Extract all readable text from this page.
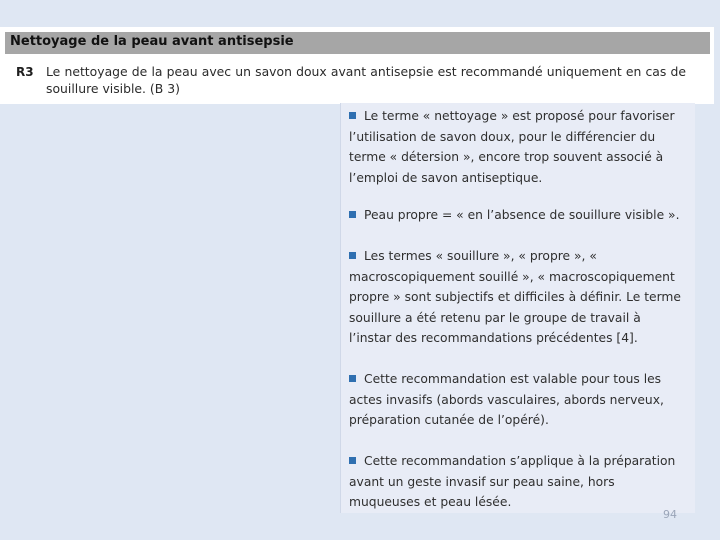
Nettoyage de la peau avant antisepsie
R3 Le nettoyage de la peau avec un savon doux avant antisepsie est recommandé uniquement en cas de souillure visible. (B 3)

Le terme « nettoyage » est proposé pour favoriser l’utilisation de savon doux, pour le différencier du terme « détersion », encore trop souvent associé à l’emploi de savon antiseptique.

Peau propre = « en l’absence de souillure visible ».

Les termes « souillure », « propre », « macroscopiquement souillé », « macroscopiquement propre » sont subjectifs et difficiles à définir. Le terme souillure a été retenu par le groupe de travail à l’instar des recommandations précédentes [4].

Cette recommandation est valable pour tous les actes invasifs (abords vasculaires, abords nerveux, préparation cutanée de l’opéré).

Cette recommandation s’applique à la préparation avant un geste invasif sur peau saine, hors muqueuses et peau lésée.

94
